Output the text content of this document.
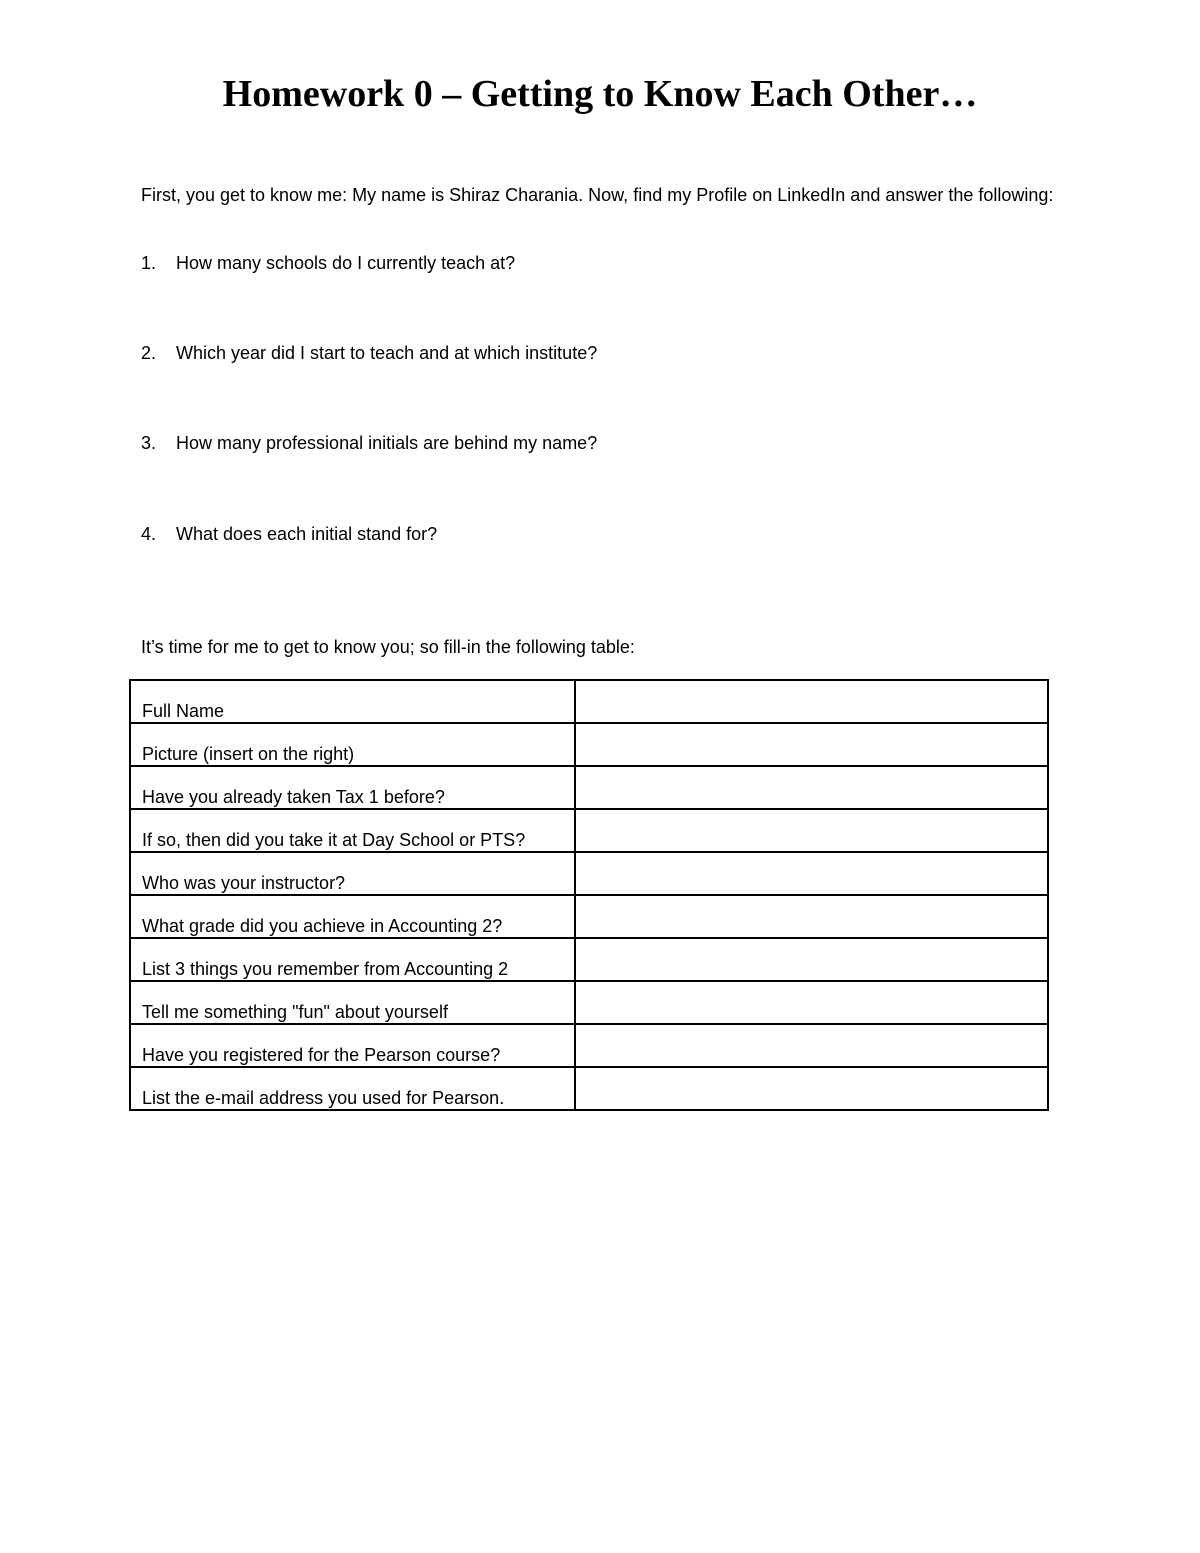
Homework 0 – Getting to Know Each Other…

First, you get to know me: My name is Shiraz Charania. Now, find my Profile on LinkedIn and answer the following:

1. How many schools do I currently teach at?

2. Which year did I start to teach and at which institute?

3. How many professional initials are behind my name?

4. What does each initial stand for?

It’s time for me to get to know you; so fill-in the following table:

Full Name	
Picture (insert on the right)	
Have you already taken Tax 1 before?	
If so, then did you take it at Day School or PTS?	
Who was your instructor?	
What grade did you achieve in Accounting 2?	
List 3 things you remember from Accounting 2	
Tell me something "fun" about yourself	
Have you registered for the Pearson course?	
List the e-mail address you used for Pearson.	
